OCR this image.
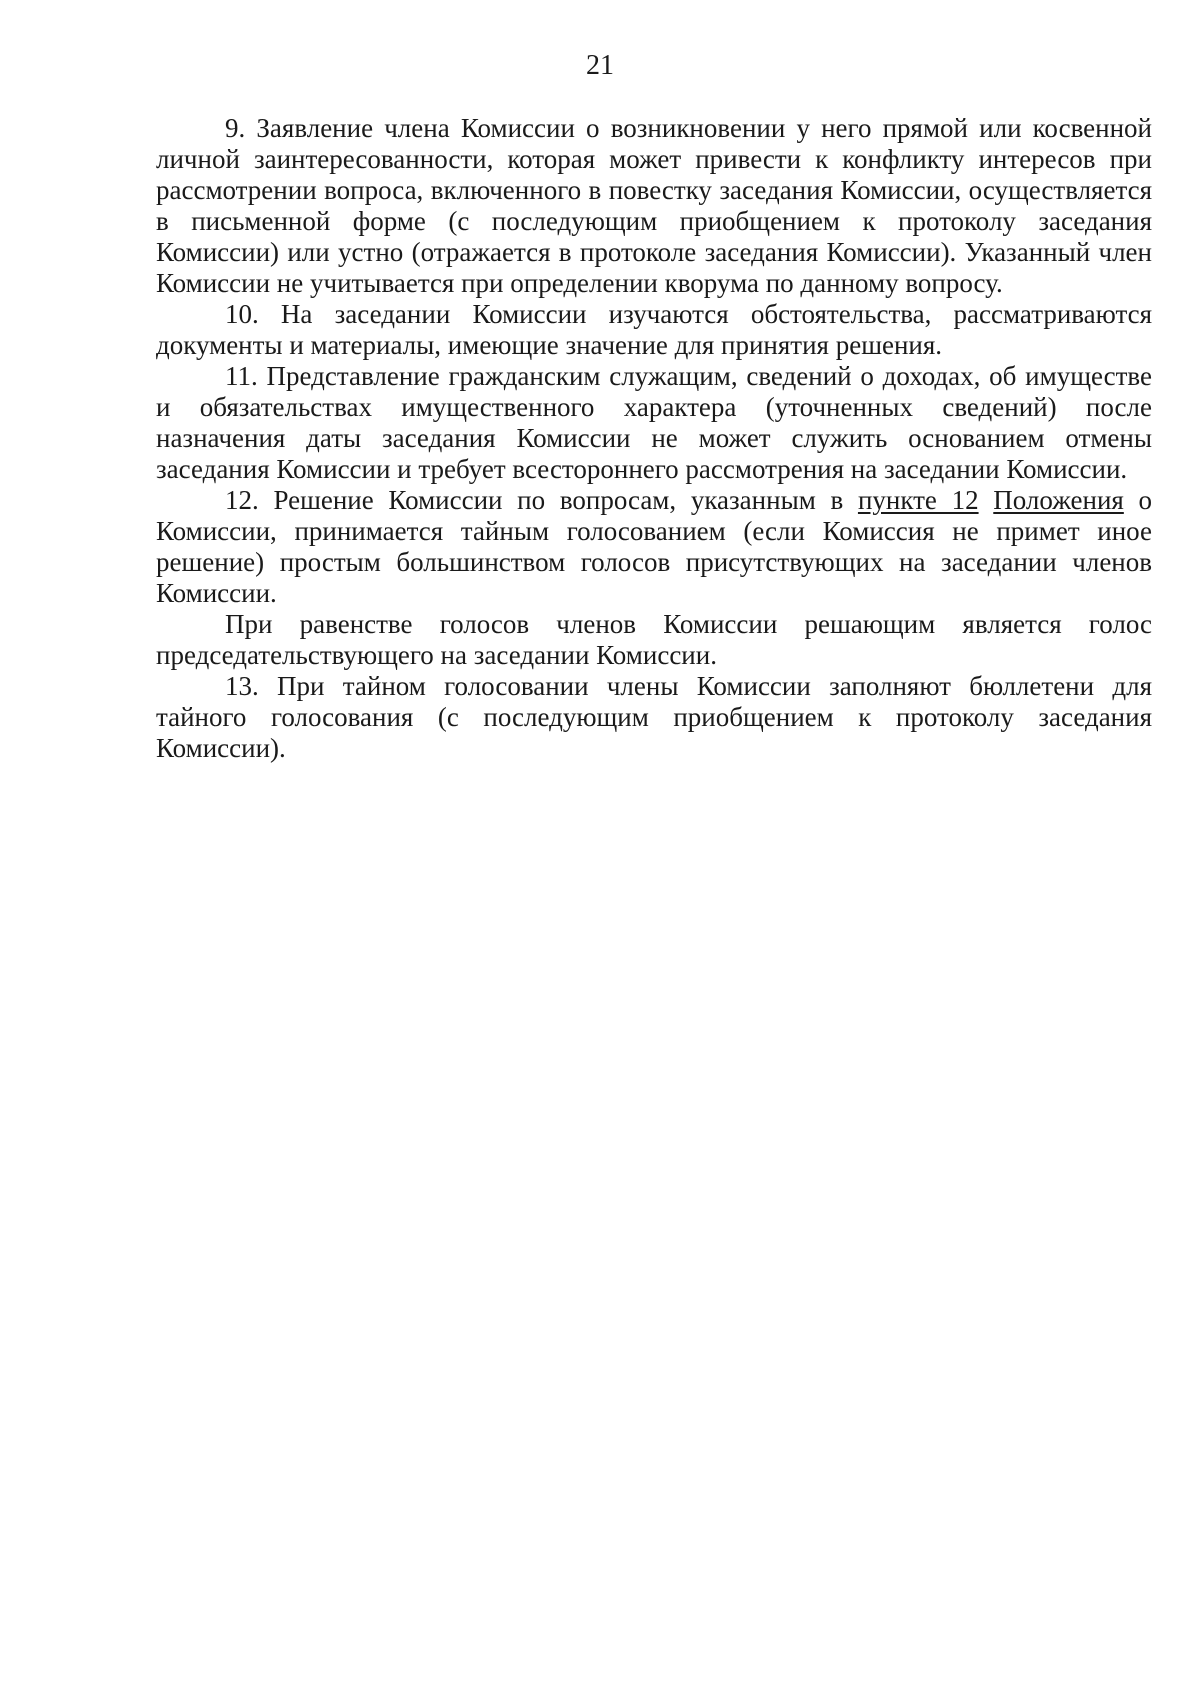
21

9. Заявление члена Комиссии о возникновении у него прямой или косвенной личной заинтересованности, которая может привести к конфликту интересов при рассмотрении вопроса, включенного в повестку заседания Комиссии, осуществляется в письменной форме (с последующим приобщением к протоколу заседания Комиссии) или устно (отражается в протоколе заседания Комиссии). Указанный член Комиссии не учитывается при определении кворума по данному вопросу.

10. На заседании Комиссии изучаются обстоятельства, рассматриваются документы и материалы, имеющие значение для принятия решения.

11. Представление гражданским служащим, сведений о доходах, об имуществе и обязательствах имущественного характера (уточненных сведений) после назначения даты заседания Комиссии не может служить основанием отмены заседания Комиссии и требует всестороннего рассмотрения на заседании Комиссии.

12. Решение Комиссии по вопросам, указанным в пункте 12 Положения о Комиссии, принимается тайным голосованием (если Комиссия не примет иное решение) простым большинством голосов присутствующих на заседании членов Комиссии.

При равенстве голосов членов Комиссии решающим является голос председательствующего на заседании Комиссии.

13. При тайном голосовании члены Комиссии заполняют бюллетени для тайного голосования (с последующим приобщением к протоколу заседания Комиссии).
